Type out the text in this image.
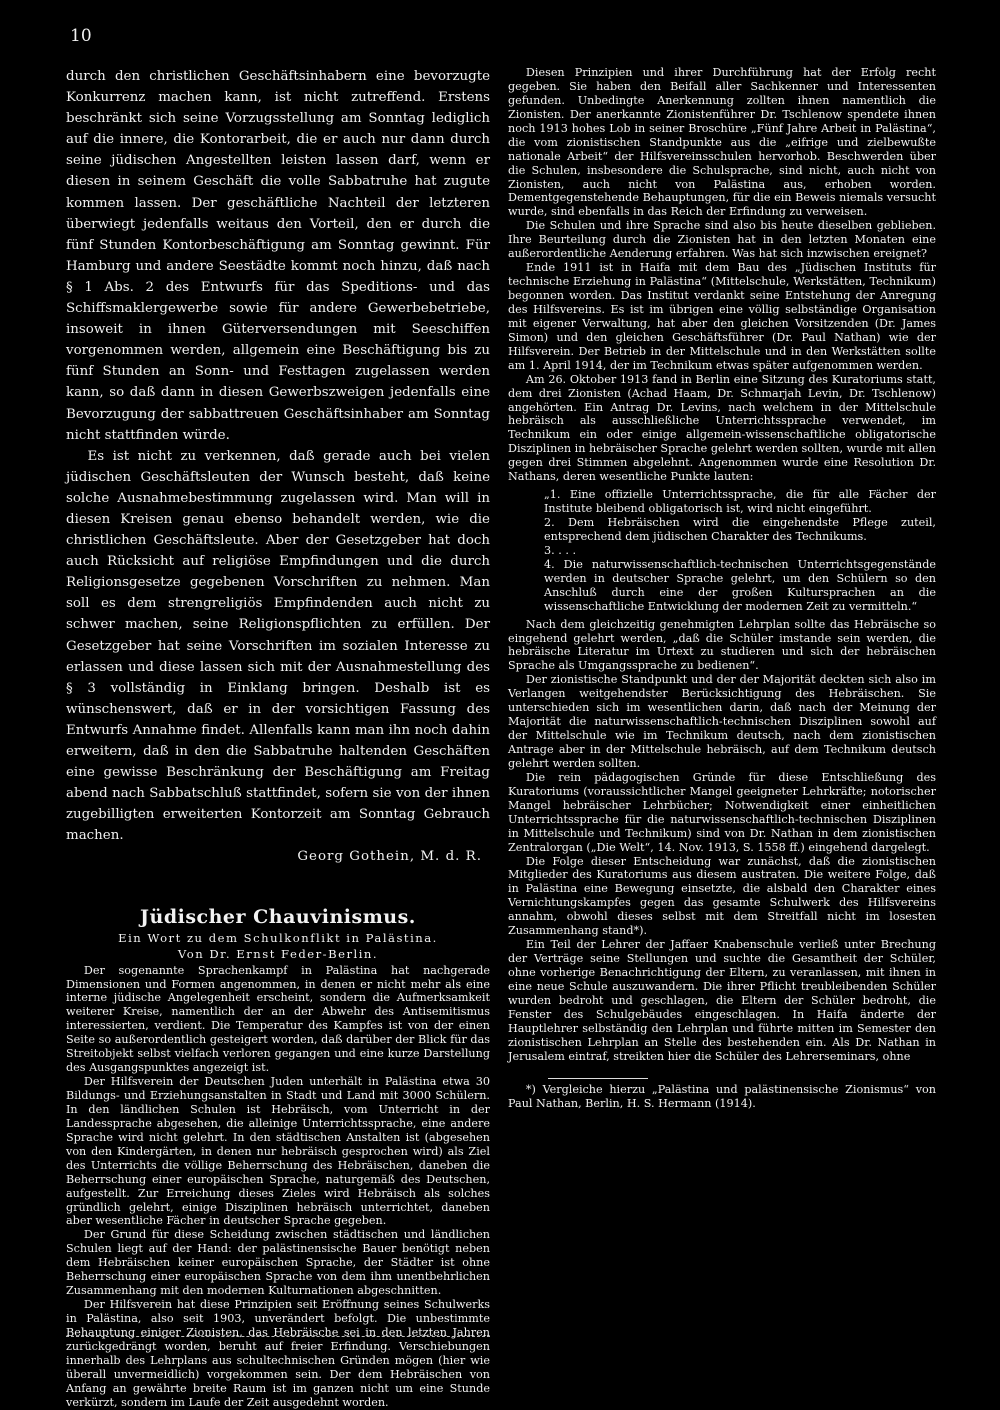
10

durch den christlichen Geschäftsinhabern eine bevorzugte Konkurrenz machen kann, ist nicht zutreffend. Erstens beschränkt sich seine Vorzugsstellung am Sonntag lediglich auf die innere, die Kontorarbeit, die er auch nur dann durch seine jüdischen Angestellten leisten lassen darf, wenn er diesen in seinem Geschäft die volle Sabbatruhe hat zugute kommen lassen. Der geschäftliche Nachteil der letzteren überwiegt jedenfalls weitaus den Vorteil, den er durch die fünf Stunden Kontorbeschäftigung am Sonntag gewinnt. Für Hamburg und andere Seestädte kommt noch hinzu, daß nach § 1 Abs. 2 des Entwurfs für das Speditions- und das Schiffsmaklergewerbe sowie für andere Gewerbebetriebe, insoweit in ihnen Güterversendungen mit Seeschiffen vorgenommen werden, allgemein eine Beschäftigung bis zu fünf Stunden an Sonn- und Festtagen zugelassen werden kann, so daß dann in diesen Gewerbszweigen jedenfalls eine Bevorzugung der sabbattreuen Geschäftsinhaber am Sonntag nicht stattfinden würde.

Es ist nicht zu verkennen, daß gerade auch bei vielen jüdischen Geschäftsleuten der Wunsch besteht, daß keine solche Ausnahmebestimmung zugelassen wird. Man will in diesen Kreisen genau ebenso behandelt werden, wie die christlichen Geschäftsleute. Aber der Gesetzgeber hat doch auch Rücksicht auf religiöse Empfindungen und die durch Religionsgesetze gegebenen Vorschriften zu nehmen. Man soll es dem strengreligiös Empfindenden auch nicht zu schwer machen, seine Religionspflichten zu erfüllen. Der Gesetzgeber hat seine Vorschriften im sozialen Interesse zu erlassen und diese lassen sich mit der Ausnahmestellung des § 3 vollständig in Einklang bringen. Deshalb ist es wünschenswert, daß er in der vorsichtigen Fassung des Entwurfs Annahme findet. Allenfalls kann man ihn noch dahin erweitern, daß in den die Sabbatruhe haltenden Geschäften eine gewisse Beschränkung der Beschäftigung am Freitag abend nach Sabbatschluß stattfindet, sofern sie von der ihnen zugebilligten erweiterten Kontorzeit am Sonntag Gebrauch machen.

Georg Gothein, M. d. R.
Jüdischer Chauvinismus.
Ein Wort zu dem Schulkonflikt in Palästina.
Von Dr. Ernst Feder-Berlin.

Der sogenannte Sprachenkampf in Palästina hat nachgerade Dimensionen und Formen angenommen, in denen er nicht mehr als eine interne jüdische Angelegenheit erscheint, sondern die Aufmerksamkeit weiterer Kreise, namentlich der an der Abwehr des Antisemitismus interessierten, verdient. Die Temperatur des Kampfes ist von der einen Seite so außerordentlich gesteigert worden, daß darüber der Blick für das Streitobjekt selbst vielfach verloren gegangen und eine kurze Darstellung des Ausgangspunktes angezeigt ist.

Der Hilfsverein der Deutschen Juden unterhält in Palästina etwa 30 Bildungs- und Erziehungsanstalten in Stadt und Land mit 3000 Schülern. In den ländlichen Schulen ist Hebräisch, vom Unterricht in der Landessprache abgesehen, die alleinige Unterrichtssprache, eine andere Sprache wird nicht gelehrt. In den städtischen Anstalten ist (abgesehen von den Kindergärten, in denen nur hebräisch gesprochen wird) als Ziel des Unterrichts die völlige Beherrschung des Hebräischen, daneben die Beherrschung einer europäischen Sprache, naturgemäß des Deutschen, aufgestellt. Zur Erreichung dieses Zieles wird Hebräisch als solches gründlich gelehrt, einige Disziplinen hebräisch unterrichtet, daneben aber wesentliche Fächer in deutscher Sprache gegeben.

Der Grund für diese Scheidung zwischen städtischen und ländlichen Schulen liegt auf der Hand: der palästinensische Bauer benötigt neben dem Hebräischen keiner europäischen Sprache, der Städter ist ohne Beherrschung einer europäischen Sprache von dem ihm unentbehrlichen Zusammenhang mit den modernen Kulturnationen abgeschnitten.

Der Hilfsverein hat diese Prinzipien seit Eröffnung seines Schulwerks in Palästina, also seit 1903, unverändert befolgt. Die unbestimmte Behauptung einiger Zionisten, das Hebräische sei in den letzten Jahren zurückgedrängt worden, beruht auf freier Erfindung. Verschiebungen innerhalb des Lehrplans aus schultechnischen Gründen mögen (hier wie überall unvermeidlich) vorgekommen sein. Der dem Hebräischen von Anfang an gewährte breite Raum ist im ganzen nicht um eine Stunde verkürzt, sondern im Laufe der Zeit ausgedehnt worden.

Diesen Prinzipien und ihrer Durchführung hat der Erfolg recht gegeben. Sie haben den Beifall aller Sachkenner und Interessenten gefunden. Unbedingte Anerkennung zollten ihnen namentlich die Zionisten. Der anerkannte Zionistenführer Dr. Tschlenow spendete ihnen noch 1913 hohes Lob in seiner Broschüre „Fünf Jahre Arbeit in Palästina“, die vom zionistischen Standpunkte aus die „eifrige und zielbewußte nationale Arbeit“ der Hilfsvereinsschulen hervorhob. Beschwerden über die Schulen, insbesondere die Schulsprache, sind nicht, auch nicht von Zionisten, auch nicht von Palästina aus, erhoben worden. Dementgegenstehende Behauptungen, für die ein Beweis niemals versucht wurde, sind ebenfalls in das Reich der Erfindung zu verweisen.

Die Schulen und ihre Sprache sind also bis heute dieselben geblieben. Ihre Beurteilung durch die Zionisten hat in den letzten Monaten eine außerordentliche Aenderung erfahren. Was hat sich inzwischen ereignet?

Ende 1911 ist in Haifa mit dem Bau des „Jüdischen Instituts für technische Erziehung in Palästina“ (Mittelschule, Werkstätten, Technikum) begonnen worden. Das Institut verdankt seine Entstehung der Anregung des Hilfsvereins. Es ist im übrigen eine völlig selbständige Organisation mit eigener Verwaltung, hat aber den gleichen Vorsitzenden (Dr. James Simon) und den gleichen Geschäftsführer (Dr. Paul Nathan) wie der Hilfsverein. Der Betrieb in der Mittelschule und in den Werkstätten sollte am 1. April 1914, der im Technikum etwas später aufgenommen werden.

Am 26. Oktober 1913 fand in Berlin eine Sitzung des Kuratoriums statt, dem drei Zionisten (Achad Haam, Dr. Schmarjah Levin, Dr. Tschlenow) angehörten. Ein Antrag Dr. Levins, nach welchem in der Mittelschule hebräisch als ausschließliche Unterrichtssprache verwendet, im Technikum ein oder einige allgemein-wissenschaftliche obligatorische Disziplinen in hebräischer Sprache gelehrt werden sollten, wurde mit allen gegen drei Stimmen abgelehnt. Angenommen wurde eine Resolution Dr. Nathans, deren wesentliche Punkte lauten:

„1. Eine offizielle Unterrichtssprache, die für alle Fächer der Institute bleibend obligatorisch ist, wird nicht eingeführt.
2. Dem Hebräischen wird die eingehendste Pflege zuteil, entsprechend dem jüdischen Charakter des Technikums.
3. . . .
4. Die naturwissenschaftlich-technischen Unterrichtsgegenstände werden in deutscher Sprache gelehrt, um den Schülern so den Anschluß durch eine der großen Kultursprachen an die wissenschaftliche Entwicklung der modernen Zeit zu vermitteln.“

Nach dem gleichzeitig genehmigten Lehrplan sollte das Hebräische so eingehend gelehrt werden, „daß die Schüler imstande sein werden, die hebräische Literatur im Urtext zu studieren und sich der hebräischen Sprache als Umgangssprache zu bedienen“.

Der zionistische Standpunkt und der der Majorität deckten sich also im Verlangen weitgehendster Berücksichtigung des Hebräischen. Sie unterschieden sich im wesentlichen darin, daß nach der Meinung der Majorität die naturwissenschaftlich-technischen Disziplinen sowohl auf der Mittelschule wie im Technikum deutsch, nach dem zionistischen Antrage aber in der Mittelschule hebräisch, auf dem Technikum deutsch gelehrt werden sollten.

Die rein pädagogischen Gründe für diese Entschließung des Kuratoriums (voraussichtlicher Mangel geeigneter Lehrkräfte; notorischer Mangel hebräischer Lehrbücher; Notwendigkeit einer einheitlichen Unterrichtssprache für die naturwissenschaftlich-technischen Disziplinen in Mittelschule und Technikum) sind von Dr. Nathan in dem zionistischen Zentralorgan („Die Welt“, 14. Nov. 1913, S. 1558 ff.) eingehend dargelegt.

Die Folge dieser Entscheidung war zunächst, daß die zionistischen Mitglieder des Kuratoriums aus diesem austraten. Die weitere Folge, daß in Palästina eine Bewegung einsetzte, die alsbald den Charakter eines Vernichtungskampfes gegen das gesamte Schulwerk des Hilfsvereins annahm, obwohl dieses selbst mit dem Streitfall nicht im losesten Zusammenhang stand*).

Ein Teil der Lehrer der Jaffaer Knabenschule verließ unter Brechung der Verträge seine Stellungen und suchte die Gesamtheit der Schüler, ohne vorherige Benachrichtigung der Eltern, zu veranlassen, mit ihnen in eine neue Schule auszuwandern. Die ihrer Pflicht treubleibenden Schüler wurden bedroht und geschlagen, die Eltern der Schüler bedroht, die Fenster des Schulgebäudes eingeschlagen. In Haifa änderte der Hauptlehrer selbständig den Lehrplan und führte mitten im Semester den zionistischen Lehrplan an Stelle des bestehenden ein. Als Dr. Nathan in Jerusalem eintraf, streikten hier die Schüler des Lehrerseminars, ohne

*) Vergleiche hierzu „Palästina und palästinensische Zionismus“ von Paul Nathan, Berlin, H. S. Hermann (1914).
